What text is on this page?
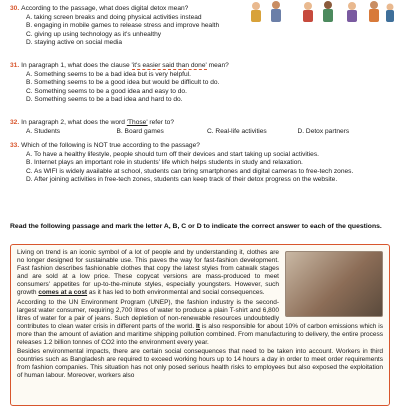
30. According to the passage, what does digital detox mean?
A. taking screen breaks and doing physical activities instead
B. engaging in mobile games to release stress and improve health
C. giving up using technology as it's unhealthy
D. staying active on social media
31. In paragraph 1, what does the clause 'it's easier said than done' mean?
A. Something seems to be a bad idea but is very helpful.
B. Something seems to be a good idea but would be difficult to do.
C. Something seems to be a good idea and easy to do.
D. Something seems to be a bad idea and hard to do.
32. In paragraph 2, what does the word 'Those' refer to?
A. Students	B. Board games	C. Real-life activities	D. Detox partners
33. Which of the following is NOT true according to the passage?
A. To have a healthy lifestyle, people should turn off their devices and start taking up social activities.
B. Internet plays an important role in students' life which helps students in study and relaxation.
C. As WIFI is widely available at school, students can bring smartphones and digital cameras to free-tech zones.
D. After joining activities in free-tech zones, students can keep track of their detox progress on the website.
Read the following passage and mark the letter A, B, C or D to indicate the correct answer to each of the questions.

Living on trend is an iconic symbol of a lot of people and by understanding it, clothes are no longer designed for sustainable use. This paves the way for fast-fashion development. Fast fashion describes fashionable clothes that copy the latest styles from catwalk stages and are sold at a low price. These copycat versions are mass-produced to meet consumers' appetites for up-to-the-minute styles, especially youngsters. However, such growth comes at a cost as it has led to both environmental and social consequences.

According to the UN Environment Program (UNEP), the fashion industry is the second-largest water consumer, requiring 2,700 litres of water to produce a plain T-shirt and 6,800 litres of water for a pair of jeans. Such depletion of non-renewable resources undoubtedly contributes to clean water crisis in different parts of the world. It is also responsible for about 10% of carbon emissions which is more than the amount of aviation and maritime shipping pollution combined. From manufacturing to delivery, the entire process releases 1.2 billion tonnes of CO2 into the environment every year.

Besides environmental impacts, there are certain social consequences that need to be taken into account. Workers in third countries such as Bangladesh are required to exceed working hours up to 14 hours a day in order to meet order requirements from fashion companies. This situation has not only posed serious health risks to employees but also exposed the exploitation of human labour. Moreover, workers also
